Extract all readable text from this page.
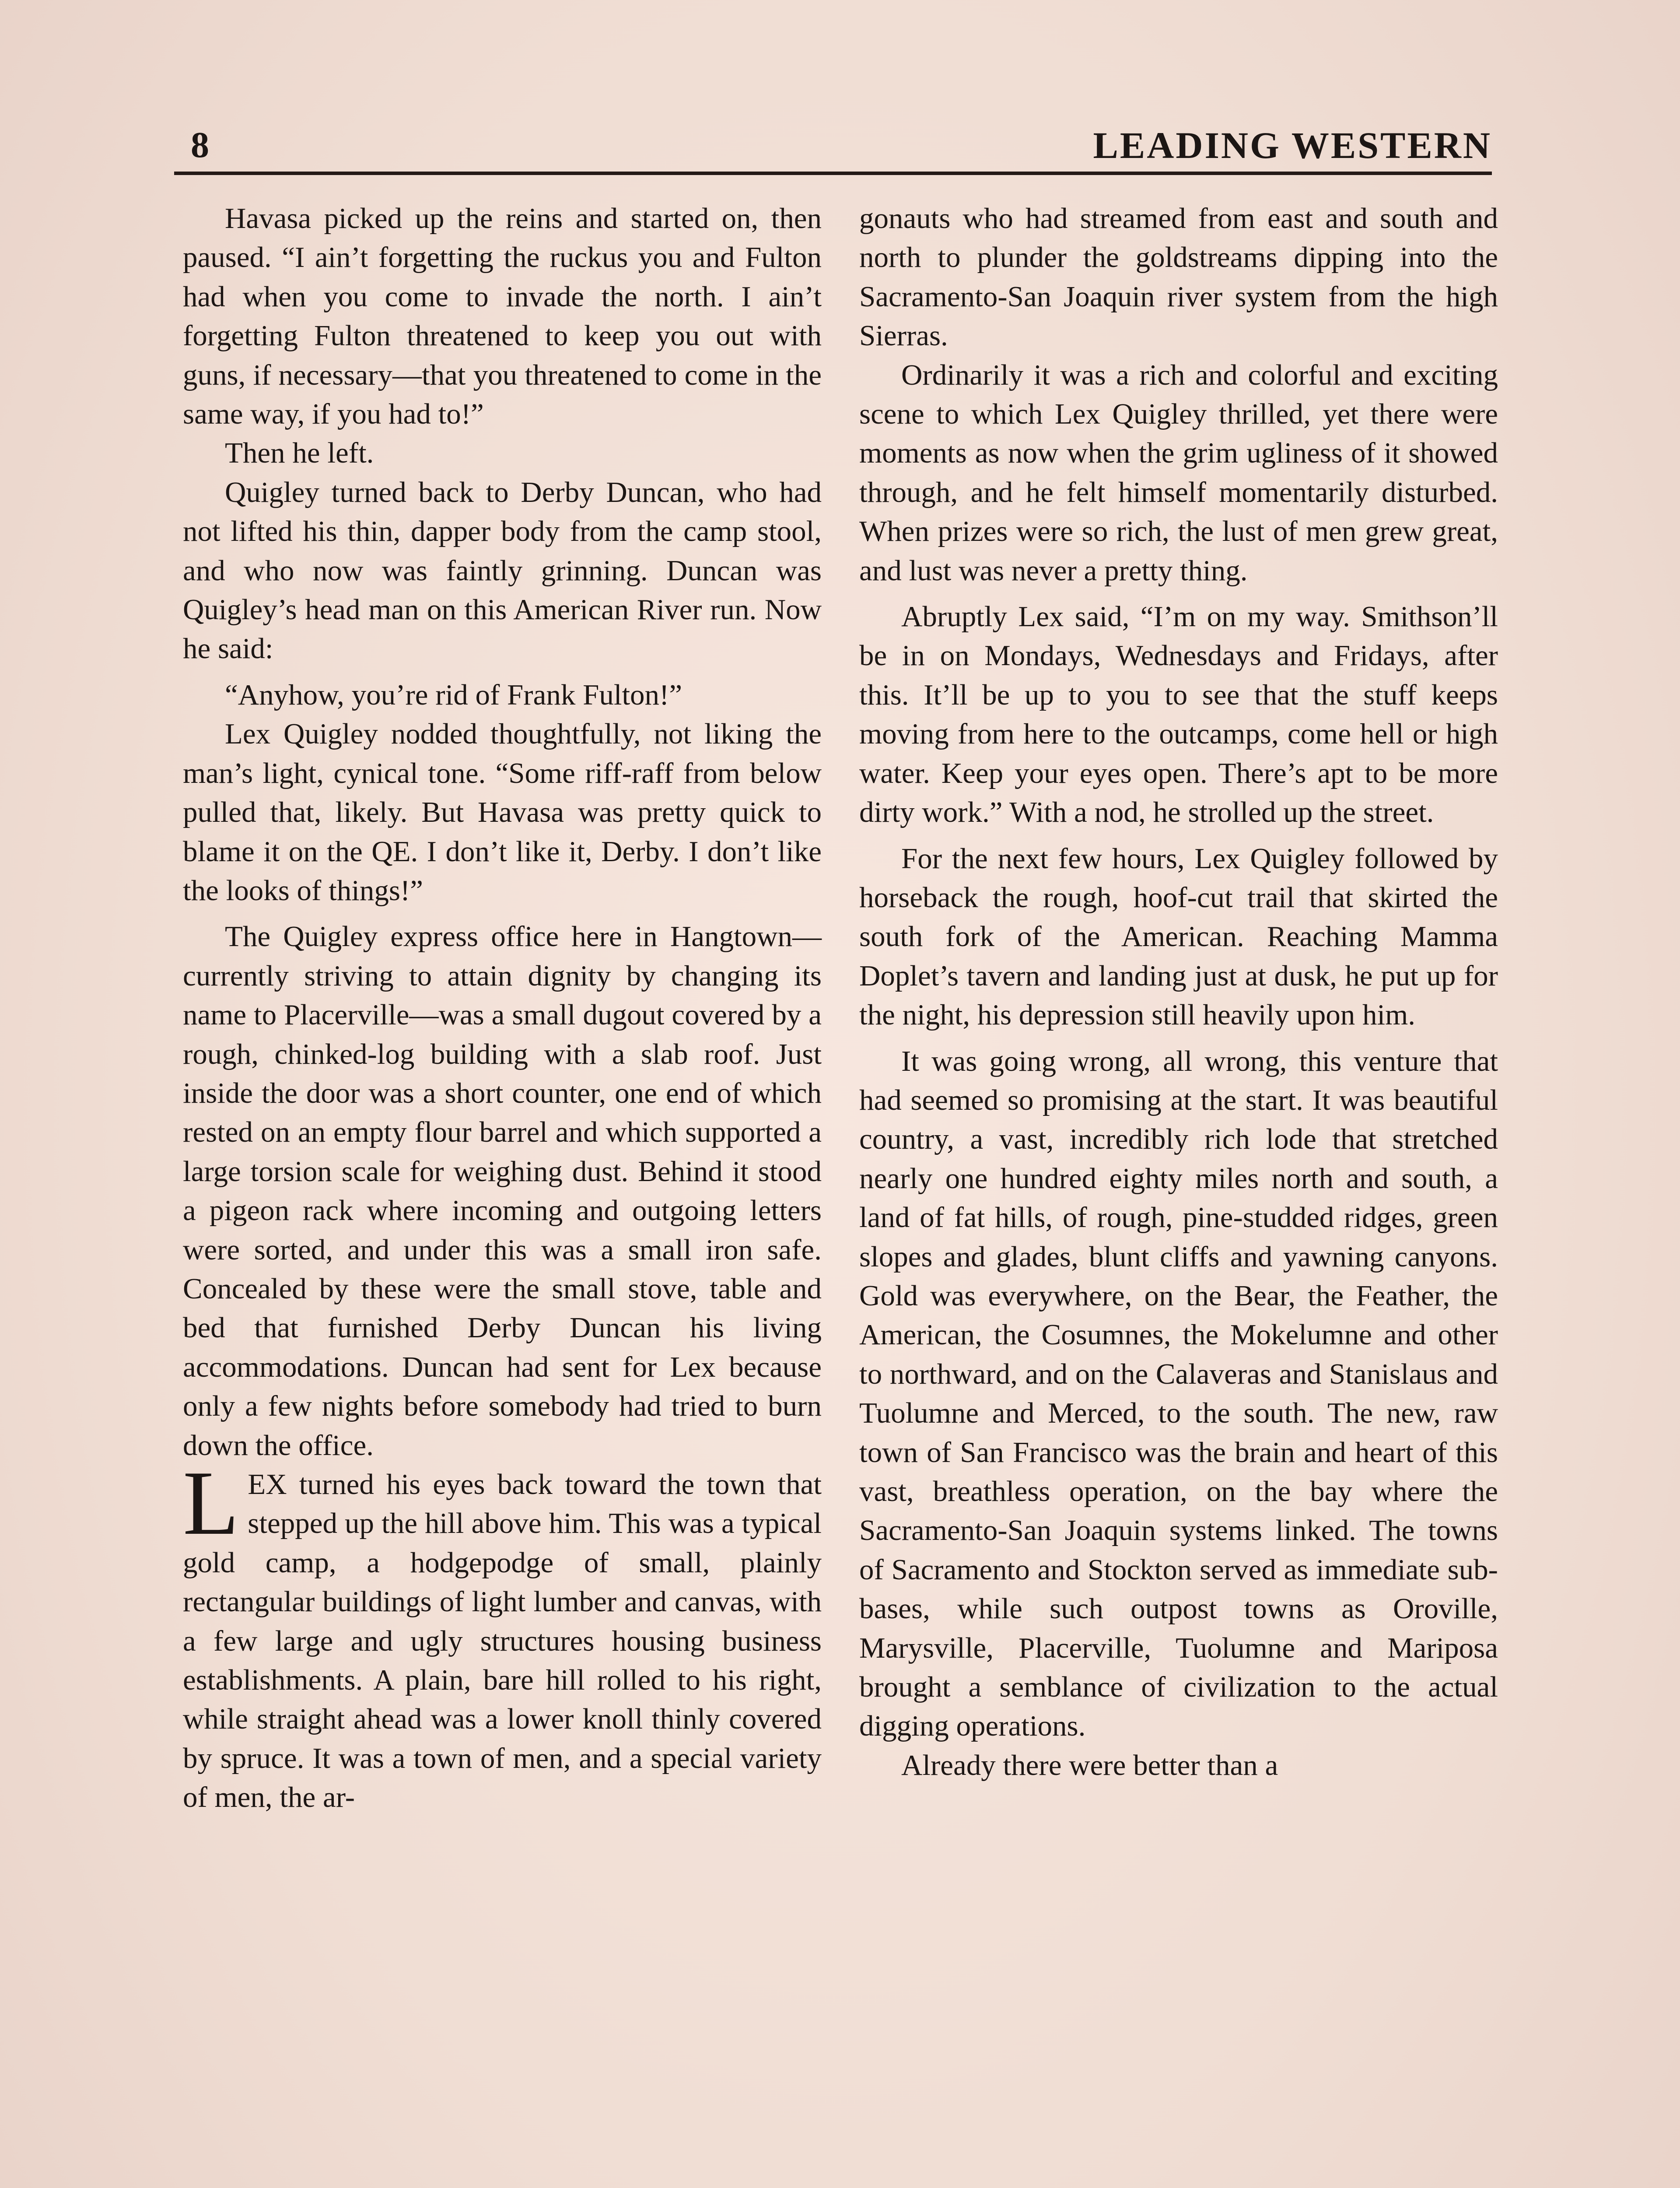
8	LEADING WESTERN

Havasa picked up the reins and started on, then paused. “I ain’t forgetting the ruckus you and Fulton had when you come to invade the north. I ain’t forgetting Fulton threatened to keep you out with guns, if necessary—that you threatened to come in the same way, if you had to!”

Then he left.

Quigley turned back to Derby Duncan, who had not lifted his thin, dapper body from the camp stool, and who now was faintly grinning. Duncan was Quigley’s head man on this American River run. Now he said:

“Anyhow, you’re rid of Frank Fulton!”

Lex Quigley nodded thoughtfully, not liking the man’s light, cynical tone. “Some riff-raff from below pulled that, likely. But Havasa was pretty quick to blame it on the QE. I don’t like it, Derby. I don’t like the looks of things!”

The Quigley express office here in Hangtown—currently striving to attain dignity by changing its name to Placerville—was a small dugout covered by a rough, chinked-log building with a slab roof. Just inside the door was a short counter, one end of which rested on an empty flour barrel and which supported a large torsion scale for weighing dust. Behind it stood a pigeon rack where incoming and outgoing letters were sorted, and under this was a small iron safe. Concealed by these were the small stove, table and bed that furnished Derby Duncan his living accommodations. Duncan had sent for Lex because only a few nights before somebody had tried to burn down the office.

L EX turned his eyes back toward the town that stepped up the hill above him. This was a typical gold camp, a hodgepodge of small, plainly rectangular buildings of light lumber and canvas, with a few large and ugly structures housing business establishments. A plain, bare hill rolled to his right, while straight ahead was a lower knoll thinly covered by spruce. It was a town of men, and a special variety of men, the ar-

gonauts who had streamed from east and south and north to plunder the goldstreams dipping into the Sacramento-San Joaquin river system from the high Sierras.

Ordinarily it was a rich and colorful and exciting scene to which Lex Quigley thrilled, yet there were moments as now when the grim ugliness of it showed through, and he felt himself momentarily disturbed. When prizes were so rich, the lust of men grew great, and lust was never a pretty thing.

Abruptly Lex said, “I’m on my way. Smithson’ll be in on Mondays, Wednesdays and Fridays, after this. It’ll be up to you to see that the stuff keeps moving from here to the outcamps, come hell or high water. Keep your eyes open. There’s apt to be more dirty work.” With a nod, he strolled up the street.

For the next few hours, Lex Quigley followed by horseback the rough, hoof-cut trail that skirted the south fork of the American. Reaching Mamma Doplet’s tavern and landing just at dusk, he put up for the night, his depression still heavily upon him.

It was going wrong, all wrong, this venture that had seemed so promising at the start. It was beautiful country, a vast, incredibly rich lode that stretched nearly one hundred eighty miles north and south, a land of fat hills, of rough, pine-studded ridges, green slopes and glades, blunt cliffs and yawning canyons. Gold was everywhere, on the Bear, the Feather, the American, the Cosumnes, the Mokelumne and other to northward, and on the Calaveras and Stanislaus and Tuolumne and Merced, to the south. The new, raw town of San Francisco was the brain and heart of this vast, breathless operation, on the bay where the Sacramento-San Joaquin systems linked. The towns of Sacramento and Stockton served as immediate sub-bases, while such outpost towns as Oroville, Marysville, Placerville, Tuolumne and Mariposa brought a semblance of civilization to the actual digging operations.

Already there were better than a
